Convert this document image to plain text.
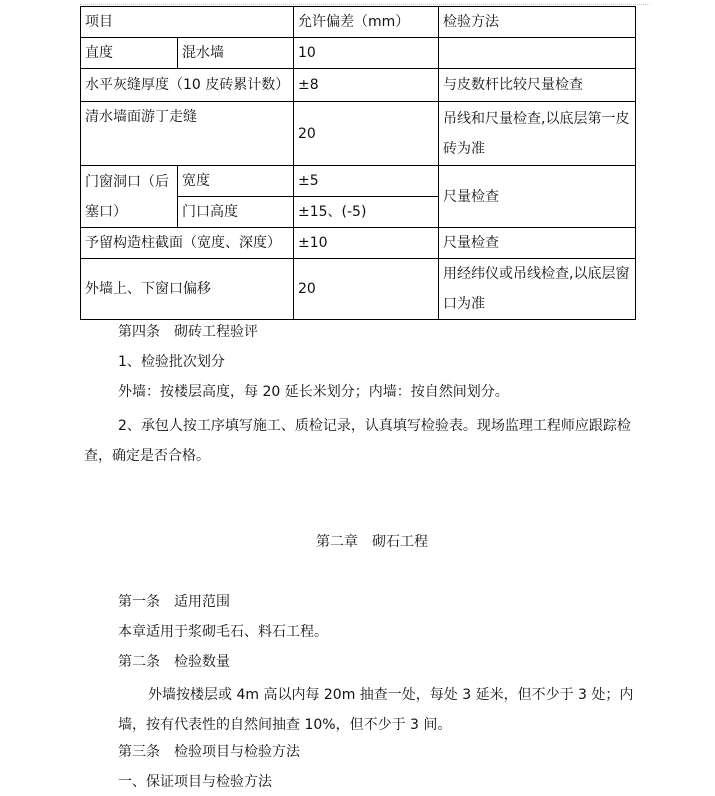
项目		允许偏差（mm）	检验方法
直度	混水墙	10	
水平灰缝厚度（10 皮砖累计数）		±8	与皮数杆比较尺量检查
清水墙面游丁走缝		20	吊线和尺量检查,以底层第一皮砖为准
门窗洞口（后塞口）	宽度	±5	尺量检查
	门口高度	±15、(-5)	
予留构造柱截面（宽度、深度）		±10	尺量检查
外墙上、下窗口偏移		20	用经纬仪或吊线检查,以底层窗口为准
第四条　砌砖工程验评
1、检验批次划分
外墙：按楼层高度，每 20 延长米划分；内墙：按自然间划分。
2、承包人按工序填写施工、质检记录，认真填写检验表。现场监理工程师应跟踪检查，确定是否合格。
第二章　砌石工程
第一条　适用范围
本章适用于浆砌毛石、料石工程。
第二条　检验数量
外墙按楼层或 4m 高以内每 20m 抽查一处，每处 3 延米，但不少于 3 处；内墙，按有代表性的自然间抽查 10%，但不少于 3 间。
第三条　检验项目与检验方法
一、保证项目与检验方法
